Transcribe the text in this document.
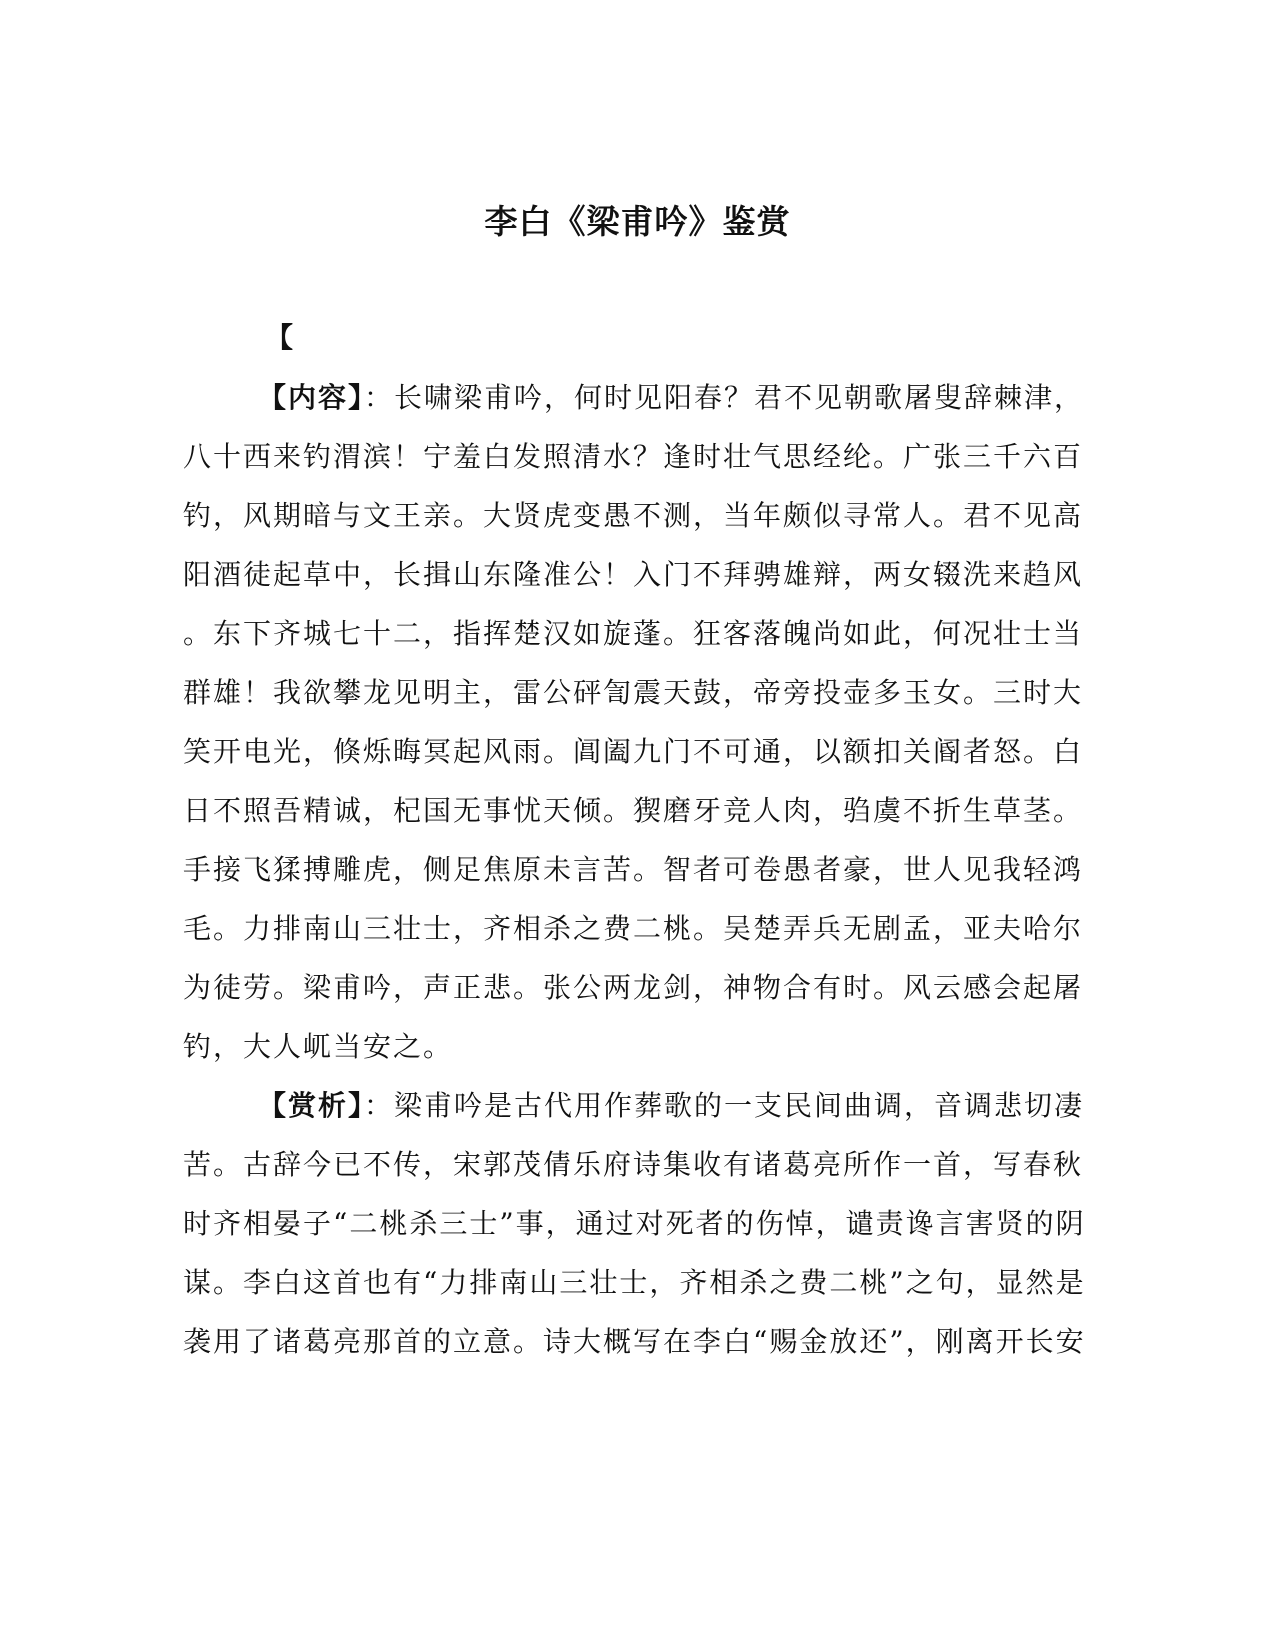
李白《梁甫吟》鉴赏
【
【内容】：长啸梁甫吟，何时见阳春？君不见朝歌屠叟辞棘津，
八十西来钓渭滨！宁羞白发照清水？逢时壮气思经纶。广张三千六百
钓，风期暗与文王亲。大贤虎变愚不测，当年颇似寻常人。君不见高
阳酒徒起草中，长揖山东隆准公！入门不拜骋雄辩，两女辍洗来趋风
。东下齐城七十二，指挥楚汉如旋蓬。狂客落魄尚如此，何况壮士当
群雄！我欲攀龙见明主，雷公砰訇震天鼓，帝旁投壶多玉女。三时大
笑开电光，倏烁晦冥起风雨。阊阖九门不可通，以额扣关阍者怒。白
日不照吾精诚，杞国无事忧天倾。猰磨牙竞人肉，驺虞不折生草茎。
手接飞猱搏雕虎，侧足焦原未言苦。智者可卷愚者豪，世人见我轻鸿
毛。力排南山三壮士，齐相杀之费二桃。吴楚弄兵无剧孟，亚夫哈尔
为徒劳。梁甫吟，声正悲。张公两龙剑，神物合有时。风云感会起屠
钓，大人屼当安之。
【赏析】：梁甫吟是古代用作葬歌的一支民间曲调，音调悲切凄
苦。古辞今已不传，宋郭茂倩乐府诗集收有诸葛亮所作一首，写春秋
时齐相晏子“二桃杀三士”事，通过对死者的伤悼，谴责谗言害贤的阴
谋。李白这首也有“力排南山三壮士，齐相杀之费二桃”之句，显然是
袭用了诸葛亮那首的立意。诗大概写在李白“赐金放还”，刚离开长安
